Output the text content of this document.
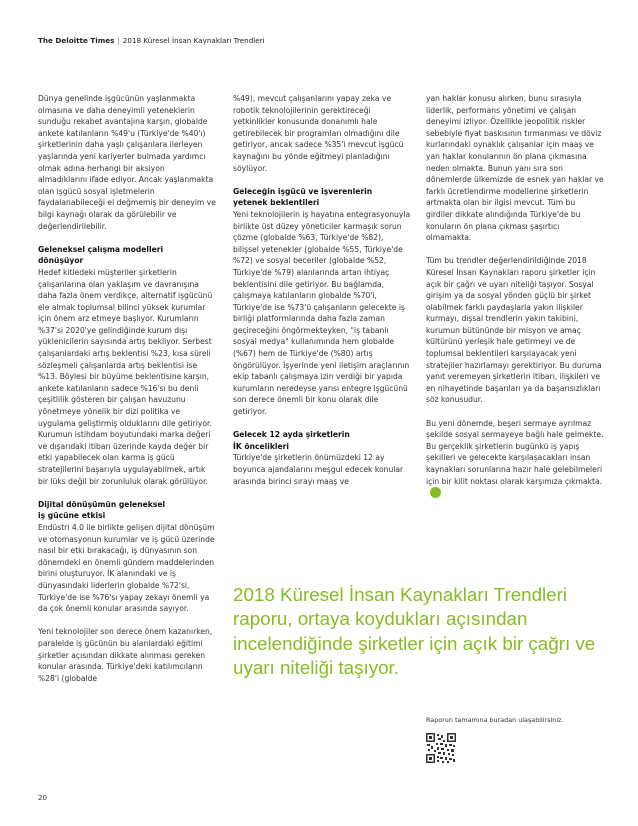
The Deloitte Times | 2018 Küresel İnsan Kaynakları Trendleri

Dünya genelinde işgücünün yaşlanmakta olmasına ve daha deneyimli yeteneklerin sunduğu rekabet avantajına karşın, globalde ankete katılanların %49'u (Türkiye'de %40'ı) şirketlerinin daha yaşlı çalışanlara ilerleyen yaşlarında yeni kariyerler bulmada yardımcı olmak adına herhangi bir aksiyon almadıklarını ifade ediyor. Ancak yaşlanmakta olan işgücü sosyal işletmelerin faydalanabileceği el değmemiş bir deneyim ve bilgi kaynağı olarak da görülebilir ve değerlendirilebilir.

Geleneksel çalışma modelleri
dönüşüyor

Hedef kitledeki müşteriler şirketlerin çalışanlarına olan yaklaşım ve davranışına daha fazla önem verdikçe, alternatif işgücünü ele almak toplumsal bilinci yüksek kurumlar için önem arz etmeye başlıyor. Kurumların %37'si 2020'ye gelindiğinde kurum dışı yüklenicilerin sayısında artış bekliyor. Serbest çalışanlardaki artış beklentisi %23, kısa süreli sözleşmeli çalışanlarda artış beklentisi ise %13. Böylesi bir büyüme beklentisine karşın, ankete katılanların sadece %16'sı bu denli çeşitlilik gösteren bir çalışan havuzunu yönetmeye yönelik bir dizi politika ve uygulama geliştirmiş olduklarını dile getiriyor. Kurumun istihdam boyutundaki marka değeri ve dışarıdaki itibarı üzerinde kayda değer bir etki yapabilecek olan karma iş gücü stratejilerini başarıyla uygulayabilmek, artık bir lüks değil bir zorunluluk olarak görülüyor.

Dijital dönüşümün geleneksel
iş gücüne etkisi

Endüstri 4.0 ile birlikte gelişen dijital dönüşüm ve otomasyonun kurumlar ve iş gücü üzerinde nasıl bir etki bırakacağı, iş dünyasının son dönemdeki en önemli gündem maddelerinden birini oluşturuyor. İK alanındaki ve iş dünyasındaki liderlerin globalde %72'si, Türkiye'de ise %76'sı yapay zekayı önemli ya da çok önemli konular arasında sayıyor.

Yeni teknolojiler son derece önem kazanırken, paralelde iş gücünün bu alanlardaki eğitimi şirketler açısından dikkate alınması gereken konular arasında. Türkiye'deki katılımcıların %28'i (globalde

%49), mevcut çalışanlarını yapay zeka ve robotik teknolojilerinin gerektireceği yetkinlikler konusunda donanımlı hale getirebilecek bir programları olmadığını dile getiriyor, ancak sadece %35'i mevcut işgücü kaynağını bu yönde eğitmeyi planladığını söylüyor.

Geleceğin işgücü ve işverenlerin
yetenek beklentileri

Yeni teknolojilerin iş hayatına entegrasyonuyla birlikte üst düzey yöneticiler karmaşık sorun çözme (globalde %63, Türkiye'de %82), bilişsel yetenekler (globalde %55, Türkiye'de %72) ve sosyal beceriler (globalde %52, Türkiye'de %79) alanlarında artan ihtiyaç beklentisini dile getiriyor. Bu bağlamda, çalışmaya katılanların globalde %70'i, Türkiye'de ise %73'ü çalışanların gelecekte iş birliği platformlarında daha fazla zaman geçireceğini öngörmekteyken, "iş tabanlı sosyal medya" kullanımında hem globalde (%67) hem de Türkiye'de (%80) artış öngörülüyor. İşyerinde yeni iletişim araçlarının ekip tabanlı çalışmaya izin verdiği bir yapıda kurumların neredeyse yarısı entegre işgücünü son derece önemli bir konu olarak dile getiriyor.

Gelecek 12 ayda şirketlerin
İK öncelikleri

Türkiye'de şirketlerin önümüzdeki 12 ay boyunca ajandalarını meşgul edecek konular arasında birinci sırayı maaş ve

yan haklar konusu alırken, bunu sırasıyla liderlik, performans yönetimi ve çalışan deneyimi izliyor. Özellikle jeopolitik riskler sebebiyle fiyat baskısının tırmanması ve döviz kurlarındaki oynaklık çalışanlar için maaş ve yan haklar konularının ön plana çıkmasına neden olmakta. Bunun yanı sıra son dönemlerde ülkemizde de esnek yan haklar ve farklı ücretlendirme modellerine şirketlerin artmakta olan bir ilgisi mevcut. Tüm bu girdiler dikkate alındığında Türkiye'de bu konuların ön plana çıkması şaşırtıcı olmamakta.

Tüm bu trendler değerlendirildiğinde 2018 Küresel İnsan Kaynakları raporu şirketler için açık bir çağrı ve uyarı niteliği taşıyor. Sosyal girişim ya da sosyal yönden güçlü bir şirket olabilmek farklı paydaşlarla yakın ilişkiler kurmayı, dışsal trendlerin yakın takibini, kurumun bütününde bir misyon ve amaç kültürünü yerleşik hale getirmeyi ve de toplumsal beklentileri karşılayacak yeni stratejiler hazırlamayı gerektiriyor. Bu duruma yanıt veremeyen şirketlerin itibarı, ilişkileri ve en nihayetinde başarıları ya da başarısızlıkları söz konusudur.

Bu yeni dönemde, beşeri sermaye ayrılmaz şekilde sosyal sermayeye bağlı hale gelmekte. Bu gerçeklik şirketlerin bugünkü iş yapış şekilleri ve gelecekte karşılaşacakları insan kaynakları sorunlarına hazır hale gelebilmeleri için bir kilit noktası olarak karşımıza çıkmakta.

2018 Küresel İnsan Kaynakları Trendleri raporu, ortaya koydukları açısından incelendiğinde şirketler için açık bir çağrı ve uyarı niteliği taşıyor.
Raporun tamamına buradan ulaşabilirsiniz.
20
